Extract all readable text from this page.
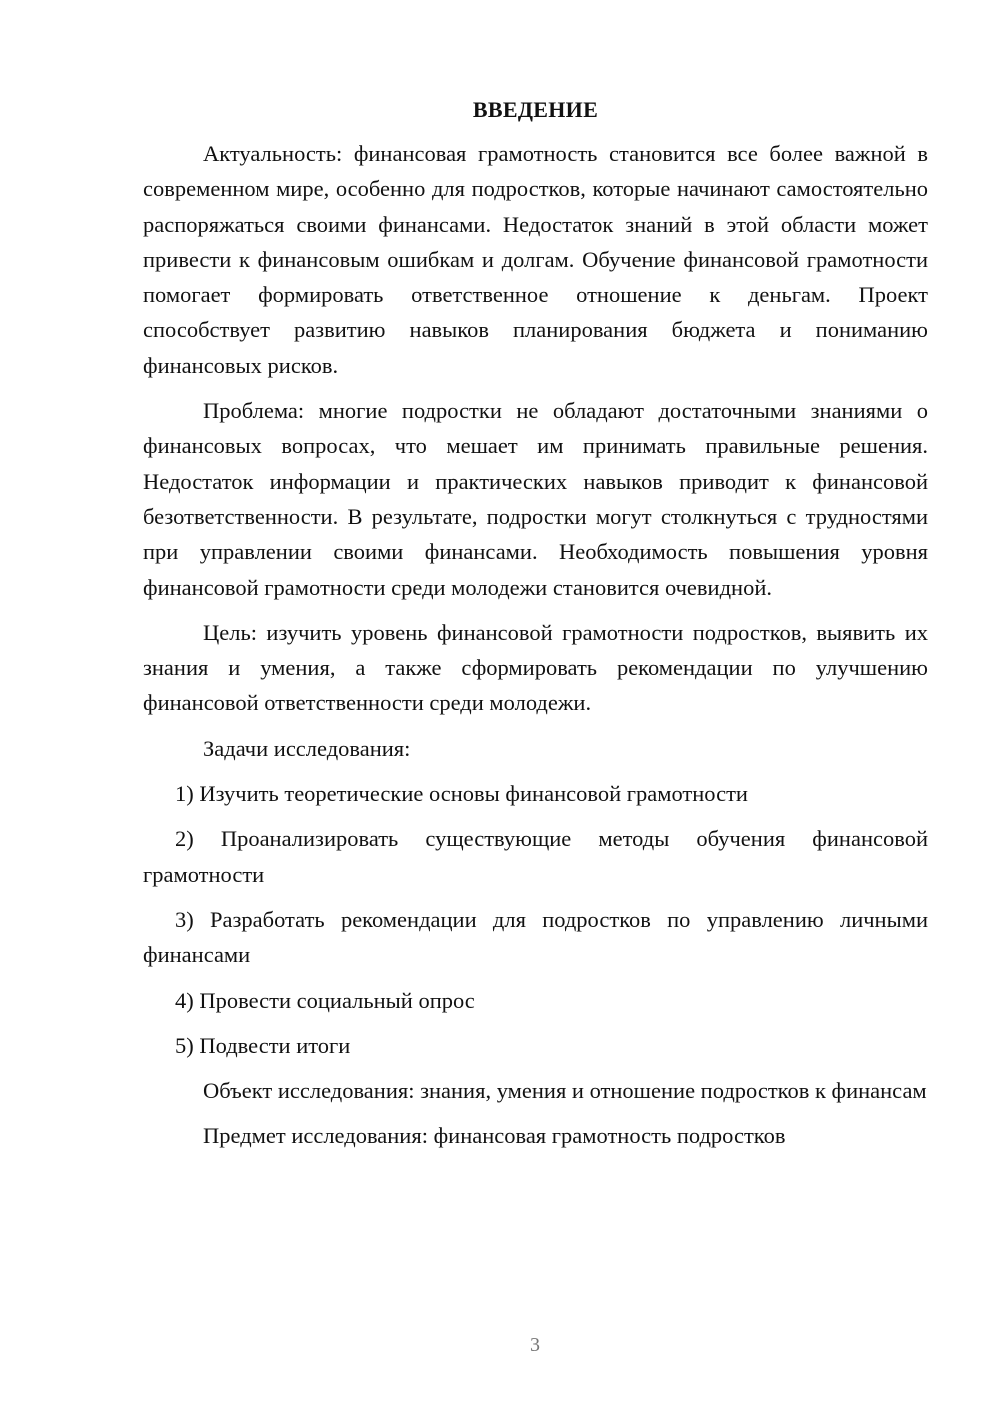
ВВЕДЕНИЕ

Актуальность: финансовая грамотность становится все более важной в современном мире, особенно для подростков, которые начинают самостоятельно распоряжаться своими финансами. Недостаток знаний в этой области может привести к финансовым ошибкам и долгам. Обучение финансовой грамотности помогает формировать ответственное отношение к деньгам. Проект способствует развитию навыков планирования бюджета и пониманию финансовых рисков.

Проблема: многие подростки не обладают достаточными знаниями о финансовых вопросах, что мешает им принимать правильные решения. Недостаток информации и практических навыков приводит к финансовой безответственности. В результате, подростки могут столкнуться с трудностями при управлении своими финансами. Необходимость повышения уровня финансовой грамотности среди молодежи становится очевидной.

Цель: изучить уровень финансовой грамотности подростков, выявить их знания и умения, а также сформировать рекомендации по улучшению финансовой ответственности среди молодежи.

Задачи исследования:

1) Изучить теоретические основы финансовой грамотности

2) Проанализировать существующие методы обучения финансовой грамотности

3) Разработать рекомендации для подростков по управлению личными финансами

4) Провести социальный опрос

5) Подвести итоги

Объект исследования: знания, умения и отношение подростков к финансам

Предмет исследования: финансовая грамотность подростков

3
